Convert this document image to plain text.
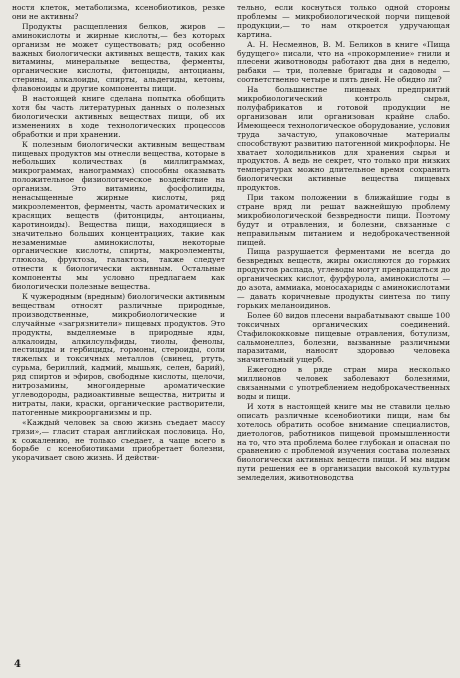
ностя клеток, метаболизма, ксенобиотиков, резке они не активны?

Продукты расщепления белков, жиров — аминокислоты и жирные кислоты,— без которых организм не может существовать; ряд особенно важных биологически активных веществ, таких как витамины, минеральные вещества, ферменты, органические кислоты, фитонциды, антоцианы, стерины, алкалоиды, спирты, альдегиды, кетоны, флавоноиды и другие компоненты пищи.

В настоящей книге сделана попытка обобщить хотя бы часть литературных данных о полезных биологически активных веществах пищи, об их изменениях в ходе технологических процессов обработки и при хранении.

К полезным биологически активным веществам пищевых продуктов мы отнесли вещества, которые в небольших количествах (в миллиграммах, микрограммах, нанограммах) способны оказывать положительное физиологическое воздействие на организм. Это витамины, фосфолипиды, ненасыщенные жирные кислоты, ряд микроэлементов, ферменты, часть ароматических и красящих веществ (фитонциды, антоцианы, каротиноиды). Вещества пищи, находящиеся в значительно больших концентрациях, такие как незаменимые аминокислоты, некоторые органические кислоты, спирты, макроэлементы, глюкоза, фруктоза, галактоза, также следует отнести к биологически активным. Остальные компоненты мы условно предлагаем как биологически полезные вещества.

К чужеродным (вредным) биологически активным веществам относят различные природные, производственные, микробиологические и случайные «загрязнители» пищевых продуктов. Это продукты, выделяемые в природные яды, алкалоиды, алкилсульфиды, тиолы, фенолы, пестициды и гербициды, гормоны, стероиды, соли тяжелых и токсичных металлов (свинец, ртуть, сурьма, бериллий, кадмий, мышьяк, селен, барий), ряд спиртов и эфиров, свободные кислоты, щелочи, нитрозамины, многоядерные ароматические углеводороды, радиоактивные вещества, нитриты и нитраты, лаки, краски, органические растворители, патогенные микроорганизмы и пр.

«Каждый человек за свою жизнь съедает массу грязи»,— гласит старая английская пословица. Но, к сожалению, не только съедает, а чаще всего в борьбе с ксенобиотиками приобретает болезни, укорачивает свою жизнь. И действи-

тельно, если коснуться только одной стороны проблемы — микробиологической порчи пищевой продукции,— то нам откроется удручающая картина.

А. Н. Несмеянов, В. М. Беликов в книге «Пища будущего» писали, что на «прокормление» гнили и плесени животноводы работают два дня в неделю, рыбаки — три, полевые бригады и садоводы — соответственно четыре и пять дней. Не обидно ли?

На большинстве пищевых предприятий микробиологический контроль сырья, полуфабрикатов и готовой продукции не организован или организован крайне слабо. Имеющееся технологическое оборудование, условия труда зачастую, упаковочные материалы способствуют развитию патогенной микрофлоры. Не хватает холодильников для хранения сырья и продуктов. А ведь не секрет, что только при низких температурах можно длительное время сохранить биологически активные вещества пищевых продуктов.

При таком положении в ближайшие годы в стране вряд ли решат важнейшую проблему микробиологической безвредности пищи. Поэтому будут и отравления, и болезни, связанные с неправильным питанием и недоброкачественной пищей.

Пища разрушается ферментами не всегда до безвредных веществ, жиры окисляются до горьких продуктов распада, углеводы могут превращаться до органических кислот, фурфурола, аминокислоты — до азота, аммиака, моносахариды с аминокислотами — давать коричневые продукты синтеза по типу горьких меланоидинов.

Более 60 видов плесени вырабатывают свыше 100 токсичных органических соединений. Стафилококковые пищевые отравления, ботулизм, сальмонеллез, болезни, вызванные различными паразитами, наносят здоровью человека значительный ущерб.

Ежегодно в ряде стран мира несколько миллионов человек заболевают болезнями, связанными с употреблением недоброкачественных воды и пищи.

И хотя в настоящей книге мы не ставили целью описать различные ксенобиотики пищи, нам бы хотелось обратить особое внимание специалистов, диетологов, работников пищевой промышленности на то, что эта проблема более глубокая и опасная по сравнению с проблемой изучения состава полезных биологически активных веществ пищи. И мы видим пути решения ее в организации высокой культуры земледелия, животноводства

4
